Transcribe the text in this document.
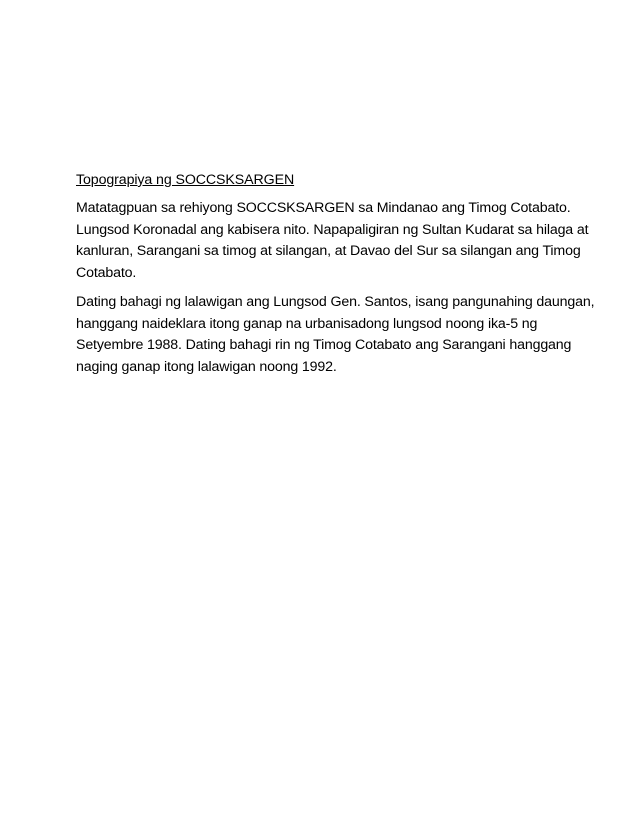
Topograpiya ng SOCCSKSARGEN

Matatagpuan sa rehiyong SOCCSKSARGEN sa Mindanao ang Timog Cotabato.
Lungsod Koronadal ang kabisera nito. Napapaligiran ng Sultan Kudarat sa hilaga at
kanluran, Sarangani sa timog at silangan, at Davao del Sur sa silangan ang Timog
Cotabato.

Dating bahagi ng lalawigan ang Lungsod Gen. Santos, isang pangunahing daungan,
hanggang naideklara itong ganap na urbanisadong lungsod noong ika-5 ng
Setyembre 1988. Dating bahagi rin ng Timog Cotabato ang Sarangani hanggang
naging ganap itong lalawigan noong 1992.
